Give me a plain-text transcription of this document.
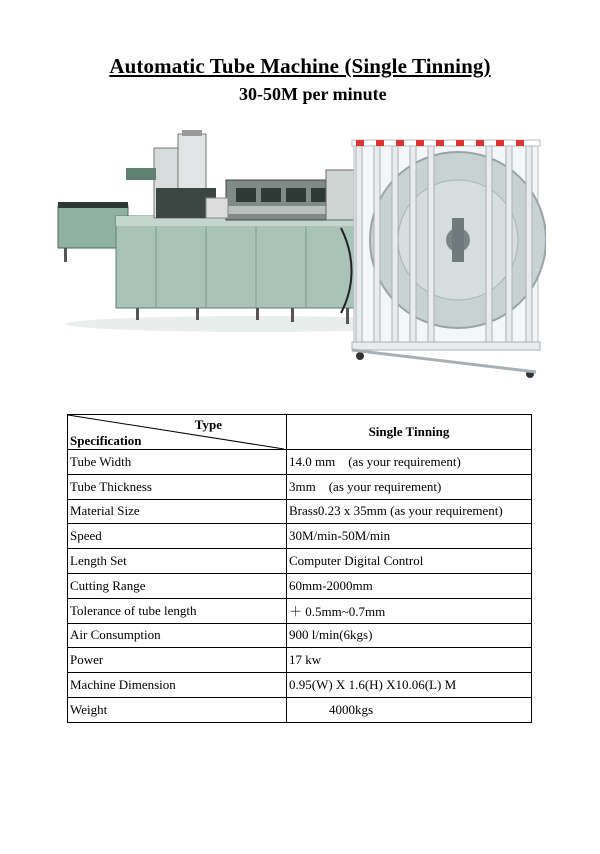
Automatic Tube Machine (Single Tinning)
30-50M per minute
Type
Specification	Single Tinning
Tube Width	14.0 mm    (as your requirement)
Tube Thickness	3mm    (as your requirement)
Material Size	Brass0.23 x 35mm (as your requirement)
Speed	30M/min-50M/min
Length Set	Computer Digital Control
Cutting Range	60mm-2000mm
Tolerance of tube length	＋ 0.5mm~0.7mm
Air Consumption	900 l/min(6kgs)
Power	17 kw
Machine Dimension	0.95(W) X 1.6(H) X10.06(L) M
Weight	4000kgs
